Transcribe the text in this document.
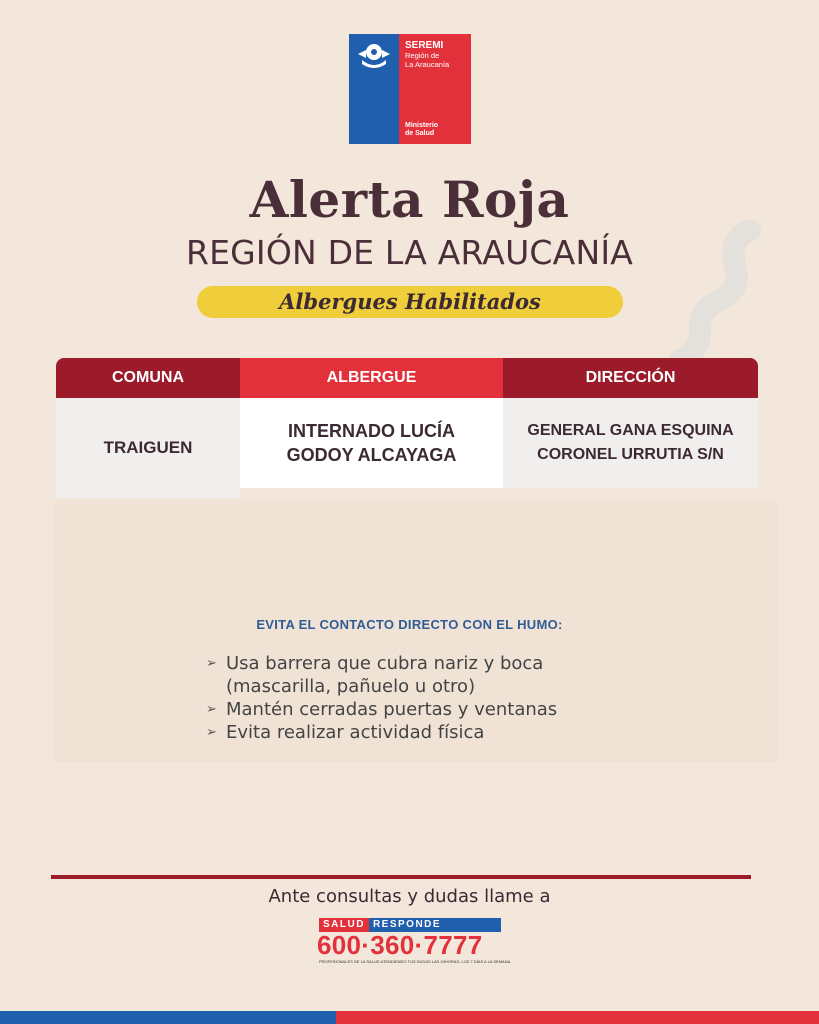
SEREMI
Región de
La Araucanía
Ministerio
de Salud
Alerta Roja
REGIÓN DE LA ARAUCANÍA
Albergues Habilitados
COMUNA	ALBERGUE	DIRECCIÓN
TRAIGUEN
INTERNADO LUCÍA
GODOY ALCAYAGA
GENERAL GANA ESQUINA
CORONEL URRUTIA S/N
EVITA EL CONTACTO DIRECTO CON EL HUMO:
➢ Usa barrera que cubra nariz y boca
(mascarilla, pañuelo u otro)
➢ Mantén cerradas puertas y ventanas
➢ Evita realizar actividad física
Ante consultas y dudas llame a
SALUD RESPONDE
600·360·7777
PROFESIONALES DE LA SALUD ATENDIENDO TUS DUDAS LAS 24HORAS, LOS 7 DÍAS A LA SEMANA.
